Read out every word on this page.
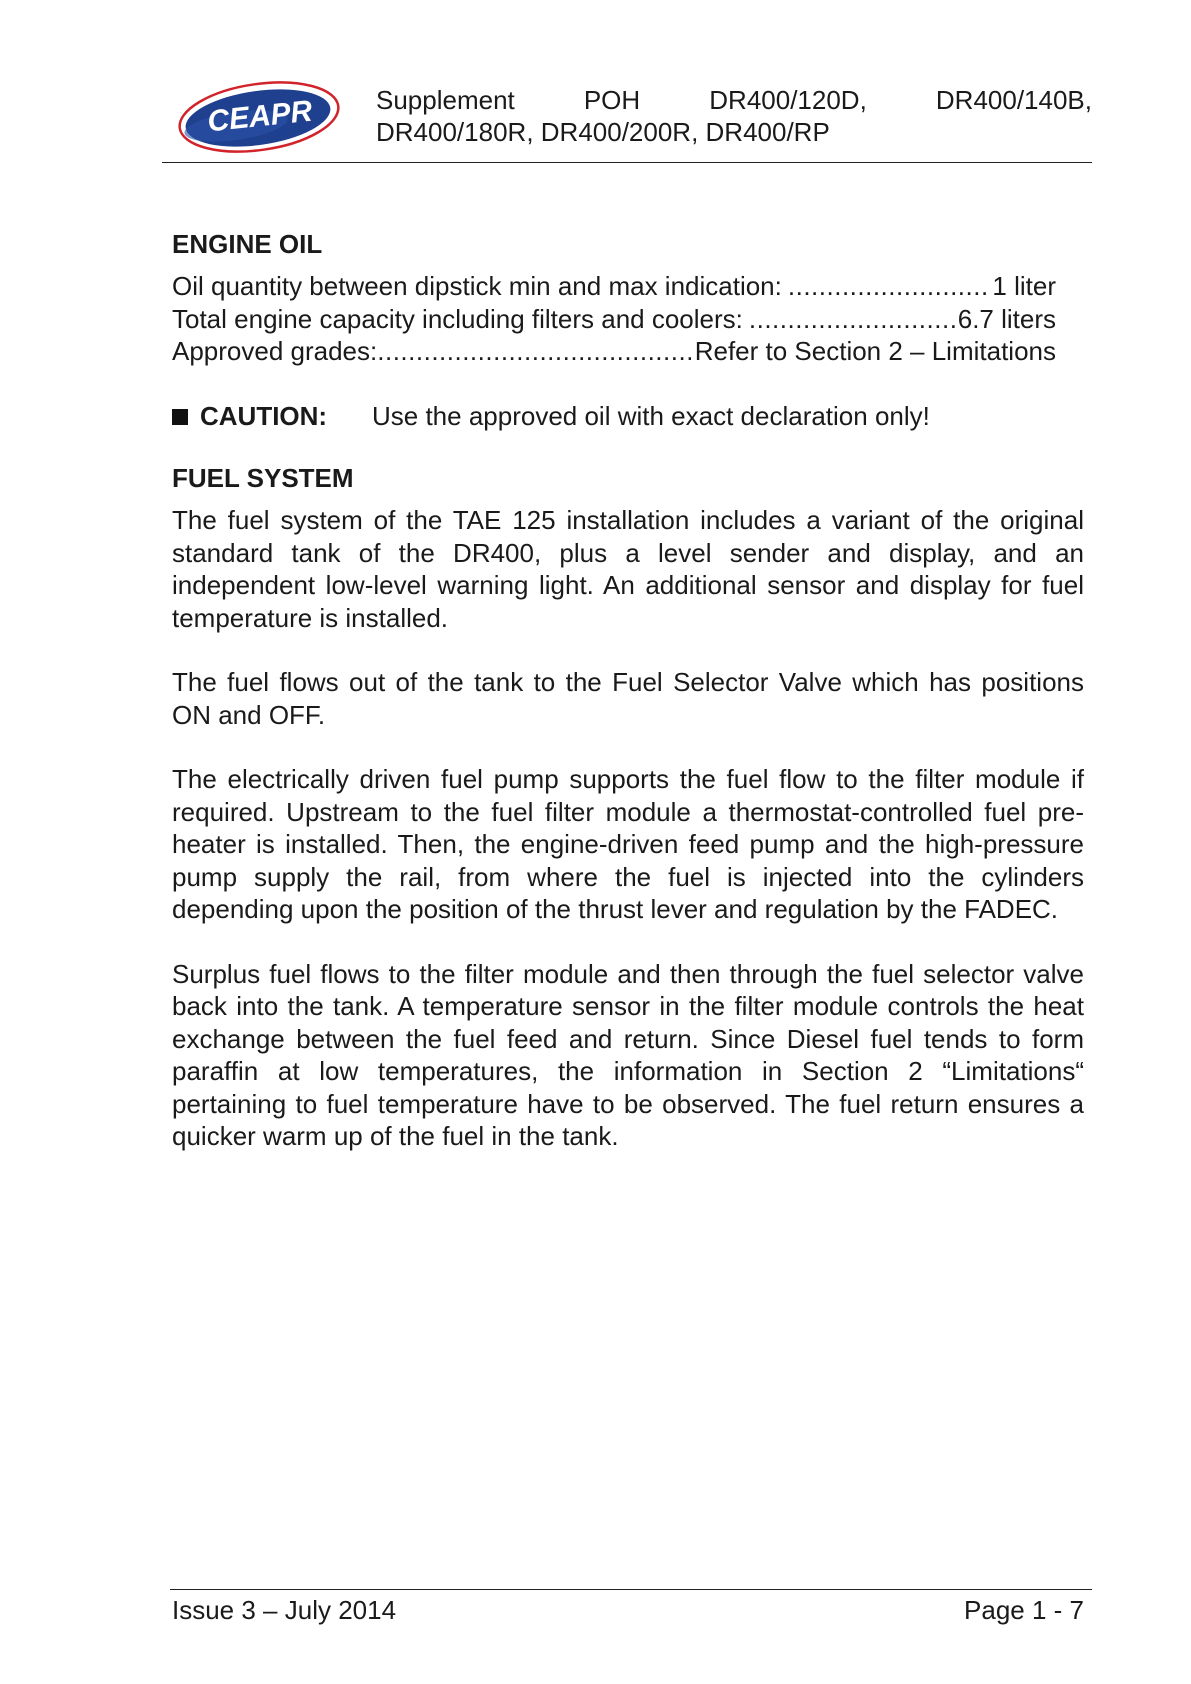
CEAPR Supplement	POH	DR400/120D,	DR400/140B,
DR400/180R, DR400/200R, DR400/RP
ENGINE OIL
Oil quantity between dipstick min and max indication: .....	1 liter
Total engine capacity including filters and coolers: .....	6.7 liters
Approved grades: .....	Refer to Section 2 – Limitations
CAUTION:	Use the approved oil with exact declaration only!
FUEL SYSTEM

The fuel system of the TAE 125 installation includes a variant of the original standard tank of the DR400, plus a level sender and display, and an independent low-level warning light. An additional sensor and display for fuel temperature is installed.

The fuel flows out of the tank to the Fuel Selector Valve which has positions ON and OFF.

The electrically driven fuel pump supports the fuel flow to the filter module if required. Upstream to the fuel filter module a thermostat-controlled fuel pre-heater is installed. Then, the engine-driven feed pump and the high-pressure pump supply the rail, from where the fuel is injected into the cylinders depending upon the position of the thrust lever and regulation by the FADEC.

Surplus fuel flows to the filter module and then through the fuel selector valve back into the tank. A temperature sensor in the filter module controls the heat exchange between the fuel feed and return. Since Diesel fuel tends to form paraffin at low temperatures, the information in Section 2 “Limitations“ pertaining to fuel temperature have to be observed. The fuel return ensures a quicker warm up of the fuel in the tank.

Issue 3 – July 2014	Page 1 - 7
